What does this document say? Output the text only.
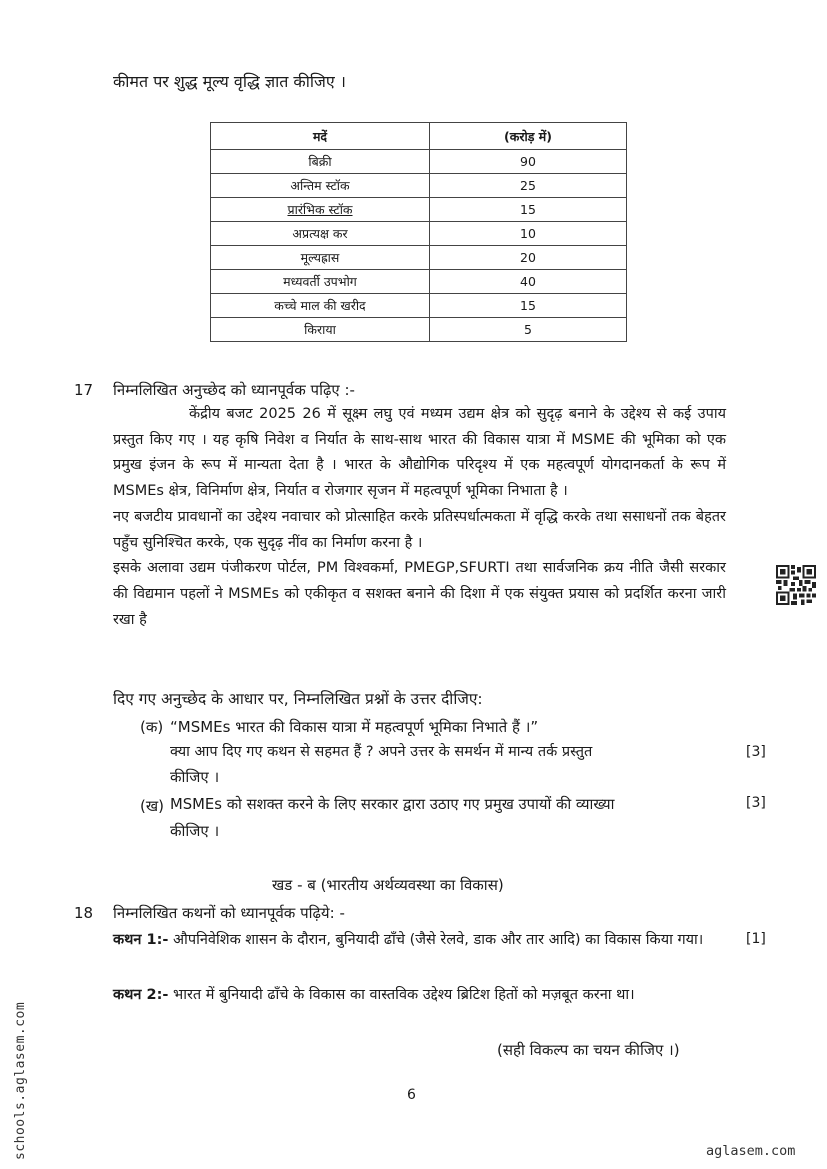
कीमत पर शुद्ध मूल्य वृद्धि ज्ञात कीजिए ।
मदें	(करोड़ में)
बिक्री	90
अन्तिम स्टॉक	25
प्रारंभिक स्टॉक	15
अप्रत्यक्ष कर	10
मूल्यह्रास	20
मध्यवर्ती उपभोग	40
कच्चे माल की खरीद	15
किराया	5
17 निम्नलिखित अनुच्छेद को ध्यानपूर्वक पढ़िए :-

केंद्रीय बजट 2025 26 में सूक्ष्म लघु एवं मध्यम उद्यम क्षेत्र को सुदृढ़ बनाने के उद्देश्य से कई उपाय प्रस्तुत किए गए । यह कृषि निवेश व निर्यात के साथ-साथ भारत की विकास यात्रा में MSME की भूमिका को एक प्रमुख इंजन के रूप में मान्यता देता है । भारत के औद्योगिक परिदृश्य में एक महत्वपूर्ण योगदानकर्ता के रूप में MSMEs क्षेत्र, विनिर्माण क्षेत्र, निर्यात व रोजगार सृजन में महत्वपूर्ण भूमिका निभाता है ।

नए बजटीय प्रावधानों का उद्देश्य नवाचार को प्रोत्साहित करके प्रतिस्पर्धात्मकता में वृद्धि करके तथा ससाधनों तक बेहतर पहुँच सुनिश्चित करके, एक सुदृढ़ नींव का निर्माण करना है ।

इसके अलावा उद्यम पंजीकरण पोर्टल, PM विश्वकर्मा, PMEGP,SFURTI तथा सार्वजनिक क्रय नीति जैसी सरकार की विद्यमान पहलों ने MSMEs को एकीकृत व सशक्त बनाने की दिशा में एक संयुक्त प्रयास को प्रदर्शित करना जारी रखा है

दिए गए अनुच्छेद के आधार पर, निम्नलिखित प्रश्नों के उत्तर दीजिए:
(क) “MSMEs भारत की विकास यात्रा में महत्वपूर्ण भूमिका निभाते हैं ।”
क्या आप दिए गए कथन से सहमत हैं ? अपने उत्तर के समर्थन में मान्य तर्क प्रस्तुत
कीजिए ।
[3]
(ख) MSMEs को सशक्त करने के लिए सरकार द्वारा उठाए गए प्रमुख उपायों की व्याख्या
कीजिए ।
[3]
खड - ब (भारतीय अर्थव्यवस्था का विकास)
18 निम्नलिखित कथनों को ध्यानपूर्वक पढ़िये: -
कथन 1:- औपनिवेशिक शासन के दौरान, बुनियादी ढाँचे (जैसे रेलवे, डाक और तार आदि) का विकास किया गया।	[1]
कथन 2:- भारत में बुनियादी ढाँचे के विकास का वास्तविक उद्देश्य ब्रिटिश हितों को मज़बूत करना था।
(सही विकल्प का चयन कीजिए ।)
6
schools.aglasem.com	aglasem.com
